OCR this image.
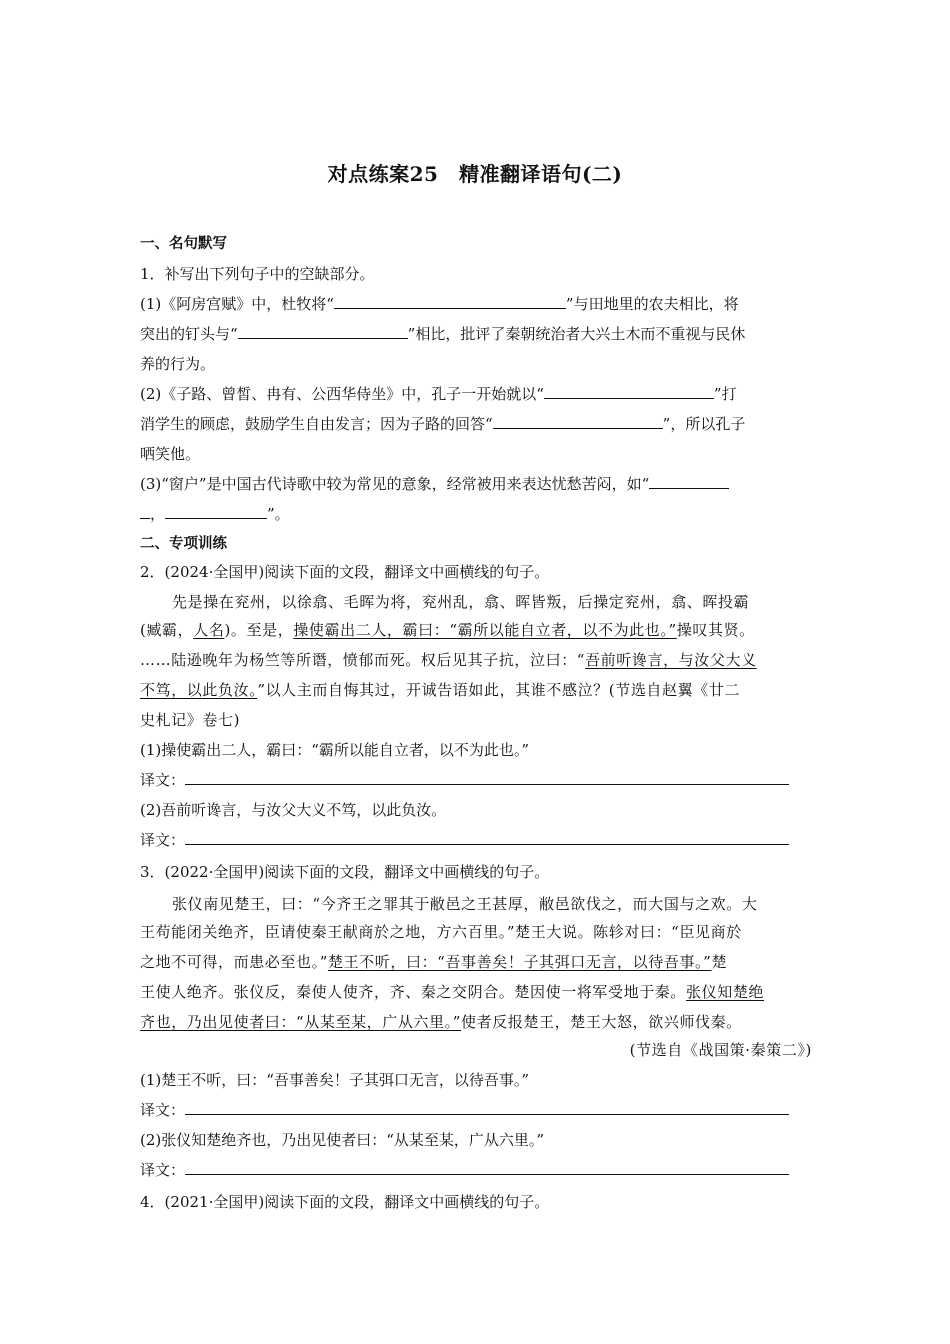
对点练案25　精准翻译语句(二)
一、名句默写
1．补写出下列句子中的空缺部分。
(1)《阿房宫赋》中，杜牧将“	”与田地里的农夫相比，将
突出的钉头与“	”相比，批评了秦朝统治者大兴土木而不重视与民休
养的行为。
(2)《子路、曾皙、冉有、公西华侍坐》中，孔子一开始就以“	”打
消学生的顾虑，鼓励学生自由发言；因为子路的回答“	”，所以孔子
哂笑他。
(3)“窗户”是中国古代诗歌中较为常见的意象，经常被用来表达忧愁苦闷，如“
，	”。
二、专项训练
2．(2024·全国甲)阅读下面的文段，翻译文中画横线的句子。
先是操在兖州，以徐翕、毛晖为将，兖州乱，翕、晖皆叛，后操定兖州，翕、晖投霸
(臧霸，人名)。至是，操使霸出二人，霸曰：“霸所以能自立者，以不为此也。”操叹其贤。
……陆逊晚年为杨竺等所谮，愤郁而死。权后见其子抗，泣曰：“吾前听谗言，与汝父大义
不笃，以此负汝。”以人主而自悔其过，开诚告语如此，其谁不感泣？(节选自赵翼《廿二
史札记》卷七)
(1)操使霸出二人，霸曰：“霸所以能自立者，以不为此也。”
译文：
(2)吾前听谗言，与汝父大义不笃，以此负汝。
译文：
3．(2022·全国甲)阅读下面的文段，翻译文中画横线的句子。
张仪南见楚王，曰：“今齐王之罪其于敝邑之王甚厚，敝邑欲伐之，而大国与之欢。大
王苟能闭关绝齐，臣请使秦王献商於之地，方六百里。”楚王大说。陈轸对曰：“臣见商於
之地不可得，而患必至也。”楚王不听，曰：“吾事善矣！子其弭口无言，以待吾事。”楚
王使人绝齐。张仪反，秦使人使齐，齐、秦之交阴合。楚因使一将军受地于秦。张仪知楚绝
齐也，乃出见使者曰：“从某至某，广从六里。”使者反报楚王，楚王大怒，欲兴师伐秦。
(节选自《战国策·秦策二》)
(1)楚王不听，曰：“吾事善矣！子其弭口无言，以待吾事。”
译文：
(2)张仪知楚绝齐也，乃出见使者曰：“从某至某，广从六里。”
译文：
4．(2021·全国甲)阅读下面的文段，翻译文中画横线的句子。
